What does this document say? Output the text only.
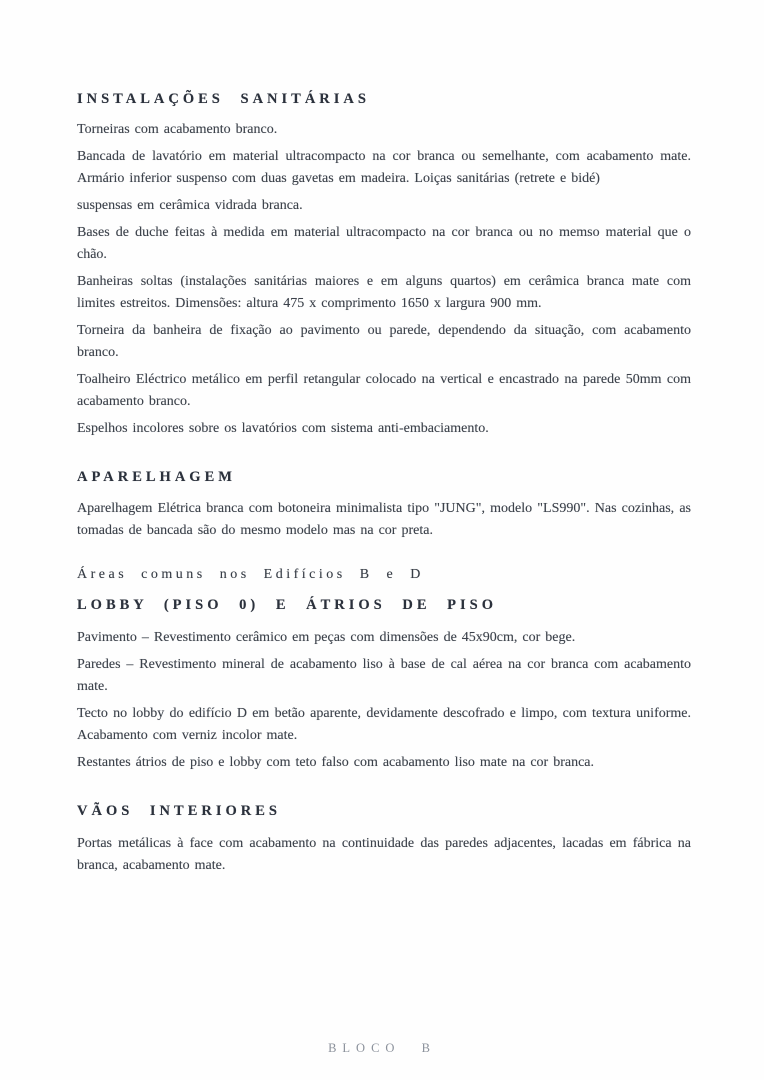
INSTALAÇÕES SANITÁRIAS

Torneiras com acabamento branco.

Bancada de lavatório em material ultracompacto na cor branca ou semelhante, com acabamento mate. Armário inferior suspenso com duas gavetas em madeira. Loiças sanitárias (retrete e bidé)

suspensas em cerâmica vidrada branca.

Bases de duche feitas à medida em material ultracompacto na cor branca ou no memso material que o chão.

Banheiras soltas (instalações sanitárias maiores e em alguns quartos) em cerâmica branca mate com limites estreitos. Dimensões: altura 475 x comprimento 1650 x largura 900 mm.

Torneira da banheira de fixação ao pavimento ou parede, dependendo da situação, com acabamento branco.

Toalheiro Eléctrico metálico em perfil retangular colocado na vertical e encastrado na parede 50mm com acabamento branco.

Espelhos incolores sobre os lavatórios com sistema anti-embaciamento.

APARELHAGEM

Aparelhagem Elétrica branca com botoneira minimalista tipo "JUNG", modelo "LS990". Nas cozinhas, as tomadas de bancada são do mesmo modelo mas na cor preta.

Áreas comuns nos Edifícios B e D
LOBBY (PISO 0) E ÁTRIOS DE PISO

Pavimento – Revestimento cerâmico em peças com dimensões de 45x90cm, cor bege.

Paredes – Revestimento mineral de acabamento liso à base de cal aérea na cor branca com acabamento mate.

Tecto no lobby do edifício D em betão aparente, devidamente descofrado e limpo, com textura uniforme. Acabamento com verniz incolor mate.

Restantes átrios de piso e lobby com teto falso com acabamento liso mate na cor branca.

VÃOS INTERIORES

Portas metálicas à face com acabamento na continuidade das paredes adjacentes, lacadas em fábrica na branca, acabamento mate.

BLOCO B
